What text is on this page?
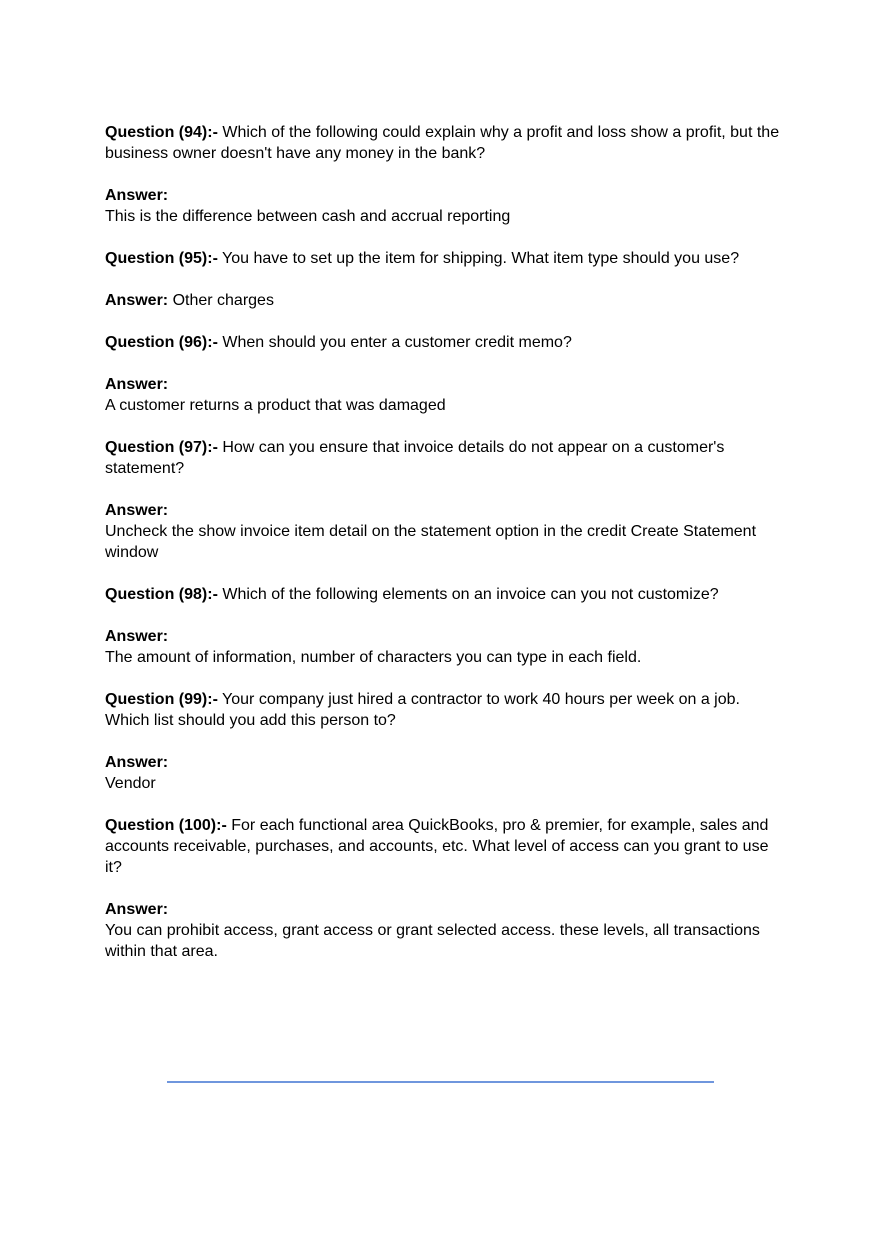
Question (94):- Which of the following could explain why a profit and loss show a profit, but the business owner doesn't have any money in the bank?

Answer:
This is the difference between cash and accrual reporting

Question (95):- You have to set up the item for shipping. What item type should you use?

Answer: Other charges

Question (96):- When should you enter a customer credit memo?

Answer:
A customer returns a product that was damaged

Question (97):- How can you ensure that invoice details do not appear on a customer's statement?

Answer:
Uncheck the show invoice item detail on the statement option in the credit Create Statement window

Question (98):- Which of the following elements on an invoice can you not customize?

Answer:
The amount of information, number of characters you can type in each field.

Question (99):- Your company just hired a contractor to work 40 hours per week on a job. Which list should you add this person to?

Answer:
Vendor

Question (100):- For each functional area QuickBooks, pro & premier, for example, sales and accounts receivable, purchases, and accounts, etc. What level of access can you grant to use it?

Answer:
You can prohibit access, grant access or grant selected access. these levels, all transactions within that area.
